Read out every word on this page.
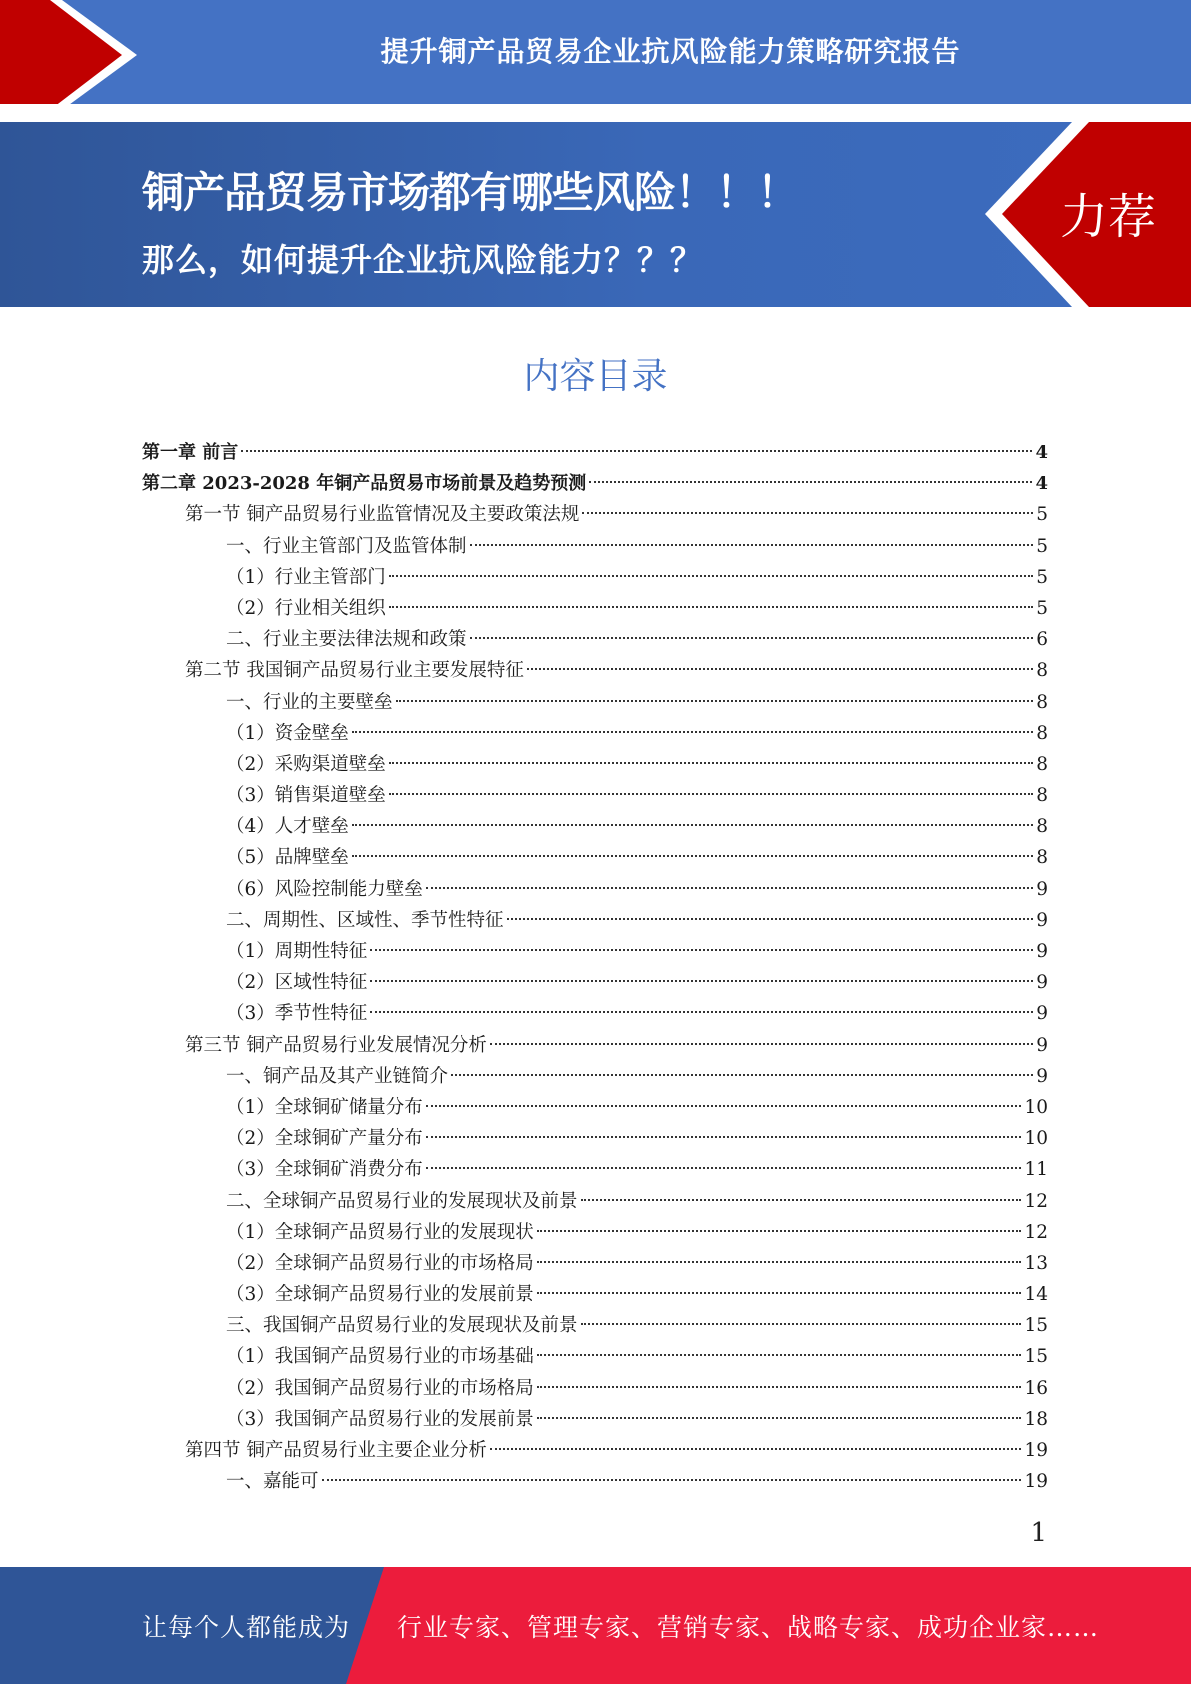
提升铜产品贸易企业抗风险能力策略研究报告
铜产品贸易市场都有哪些风险！！！
那么，如何提升企业抗风险能力？？？
力荐
内容目录
第一章 前言	4
第二章 2023-2028 年铜产品贸易市场前景及趋势预测	4
第一节 铜产品贸易行业监管情况及主要政策法规	5
一、行业主管部门及监管体制	5
（1）行业主管部门	5
（2）行业相关组织	5
二、行业主要法律法规和政策	6
第二节 我国铜产品贸易行业主要发展特征	8
一、行业的主要壁垒	8
（1）资金壁垒	8
（2）采购渠道壁垒	8
（3）销售渠道壁垒	8
（4）人才壁垒	8
（5）品牌壁垒	8
（6）风险控制能力壁垒	9
二、周期性、区域性、季节性特征	9
（1）周期性特征	9
（2）区域性特征	9
（3）季节性特征	9
第三节 铜产品贸易行业发展情况分析	9
一、铜产品及其产业链简介	9
（1）全球铜矿储量分布	10
（2）全球铜矿产量分布	10
（3）全球铜矿消费分布	11
二、全球铜产品贸易行业的发展现状及前景	12
（1）全球铜产品贸易行业的发展现状	12
（2）全球铜产品贸易行业的市场格局	13
（3）全球铜产品贸易行业的发展前景	14
三、我国铜产品贸易行业的发展现状及前景	15
（1）我国铜产品贸易行业的市场基础	15
（2）我国铜产品贸易行业的市场格局	16
（3）我国铜产品贸易行业的发展前景	18
第四节 铜产品贸易行业主要企业分析	19
一、嘉能可	19
1
让每个人都能成为 行业专家、管理专家、营销专家、战略专家、成功企业家……
